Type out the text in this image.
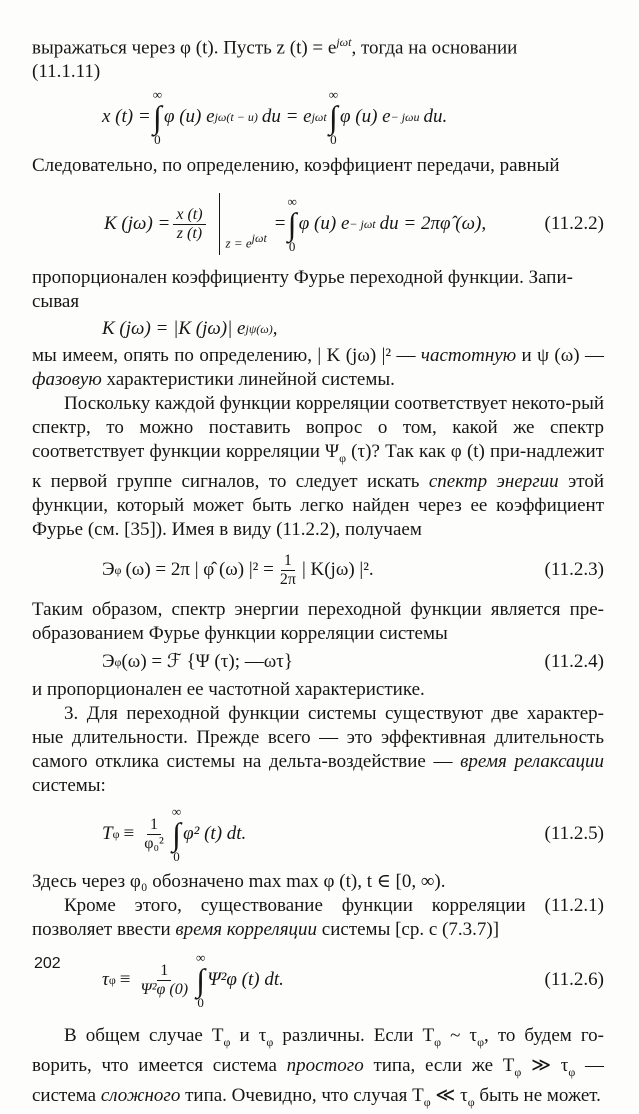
выражаться через φ (t). Пусть z $(t) = e^{j\omega t}$, тогда на основании
(11.1.11)

x (t) =
∞
∫
0
φ (u) e jω(t − u) du = e jωt
∞
∫
0
φ (u) e − jωu du.

Следовательно, по определению, коэффициент передачи, равный

K $(j\omega) = \frac{x (t)}{z (t)}$ $z = e^{j\omega t}$
=
∞
∫
0
φ (u) e − jωt du = 2πφ̂ (ω),	(11.2.2)

пропорционален коэффициенту Фурье переходной функции. Запи-
сывая

K (jω) = |K (jω)| e jψ(ω) ,

мы имеем, опять по определению, | K (jω) |² — частотную и ψ (ω) — фазовую характеристики линейной системы.

Поскольку каждой функции корреляции соответствует некото-рый спектр, то можно поставить вопрос о том, какой же спектр соответствует функции корреляции $\Psi_\varphi$ (τ)? Так как φ (t) при-надлежит к первой группе сигналов, то следует искать спектр энергии этой функции, который может быть легко найден через ее коэффициент Фурье (см. [35]). Имея в виду (11.2.2), получаем

Э φ (ω) = 2π | φ̂ (ω) $|^2 = \frac{1}{2\pi}$ | K(jω) |².	(11.2.3)

Таким образом, спектр энергии переходной функции является пре-образованием Фурье функции корреляции системы

Э φ (ω) = ℱ {Ψ (τ); —ωτ}	(11.2.4)

и пропорционален ее частотной характеристике.

3. Для переходной функции системы существуют две характер-ные длительности. Прежде всего — это эффективная длительность самого отклика системы на дельта-воздействие — время релаксации системы:

T $\varphi \equiv \frac{1}{\text{φ₀²}}$
∞
∫
0
φ² (t) dt.	(11.2.5)

Здесь через φ₀ обозначено max max φ (t), t ∈ [0, ∞).

Кроме этого, существование функции корреляции (11.2.1) позволяет ввести время корреляции системы [ср. с (7.3.7)]

τ $\varphi \equiv \frac{1}{\text{Ψ²φ (0)}}$
∞
∫
0
Ψ²φ (t) dt.	(11.2.6)

В общем случае $T_\varphi$ и $\tau_\varphi$ различны. Если $T_\varphi$ ~ $\tau_\varphi$, то будем го-ворить, что имеется система простого типа, если же $T_\varphi$ ≫ $\tau_\varphi$ — система сложного типа. Очевидно, что случая $T_\varphi$ ≪ $\tau_\varphi$ быть не может.

202
